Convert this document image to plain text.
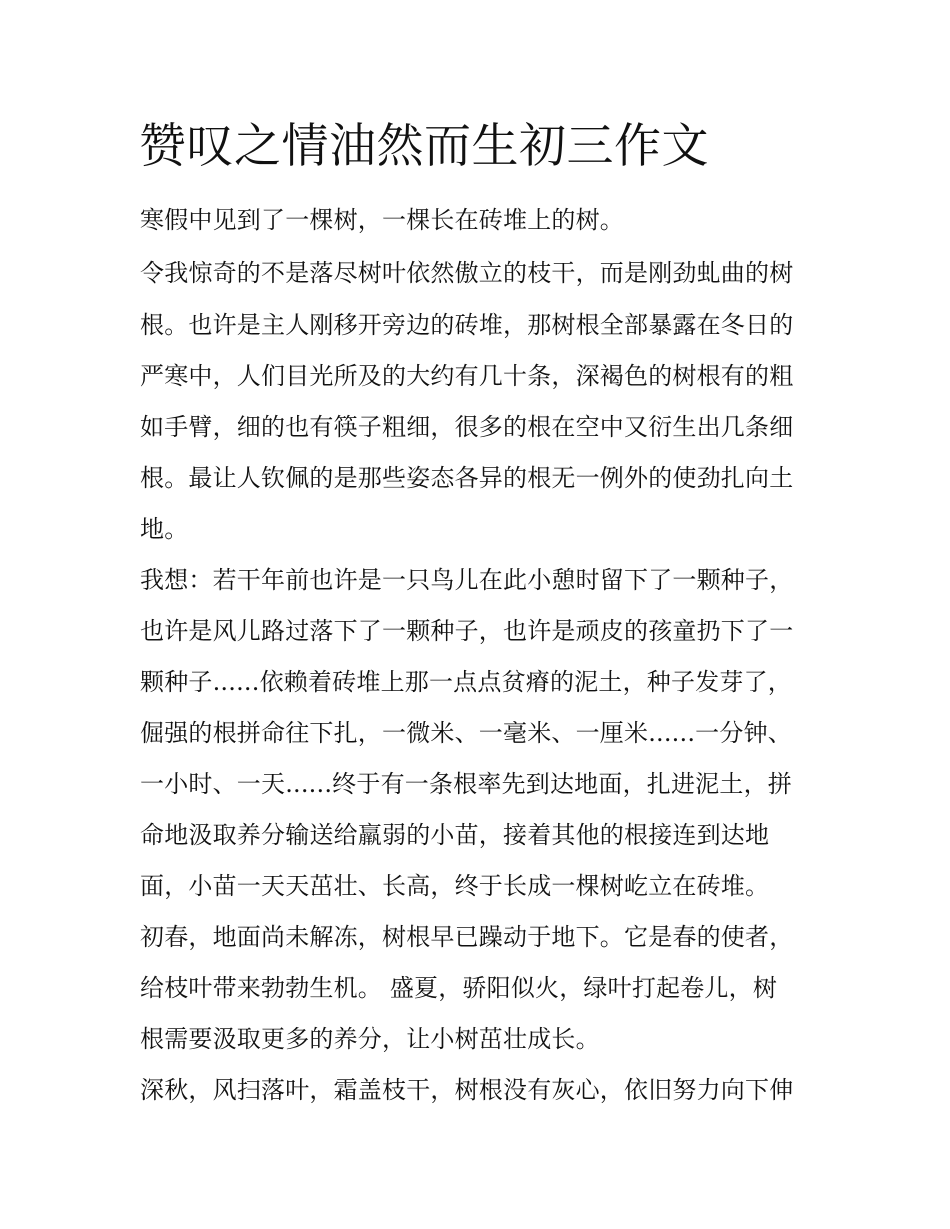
赞叹之情油然而生初三作文

寒假中见到了一棵树，一棵长在砖堆上的树。

令我惊奇的不是落尽树叶依然傲立的枝干，而是刚劲虬曲的树

根。也许是主人刚移开旁边的砖堆，那树根全部暴露在冬日的

严寒中，人们目光所及的大约有几十条，深褐色的树根有的粗

如手臂，细的也有筷子粗细，很多的根在空中又衍生出几条细

根。最让人钦佩的是那些姿态各异的根无一例外的使劲扎向土

地。

我想：若干年前也许是一只鸟儿在此小憩时留下了一颗种子，

也许是风儿路过落下了一颗种子，也许是顽皮的孩童扔下了一

颗种子......依赖着砖堆上那一点点贫瘠的泥土，种子发芽了，

倔强的根拼命往下扎，一微米、一毫米、一厘米......一分钟、

一小时、一天......终于有一条根率先到达地面，扎进泥土，拼

命地汲取养分输送给羸弱的小苗，接着其他的根接连到达地

面，小苗一天天茁壮、长高，终于长成一棵树屹立在砖堆。

初春，地面尚未解冻，树根早已躁动于地下。它是春的使者，

给枝叶带来勃勃生机。 盛夏，骄阳似火，绿叶打起卷儿，树

根需要汲取更多的养分，让小树茁壮成长。

深秋，风扫落叶，霜盖枝干，树根没有灰心，依旧努力向下伸
